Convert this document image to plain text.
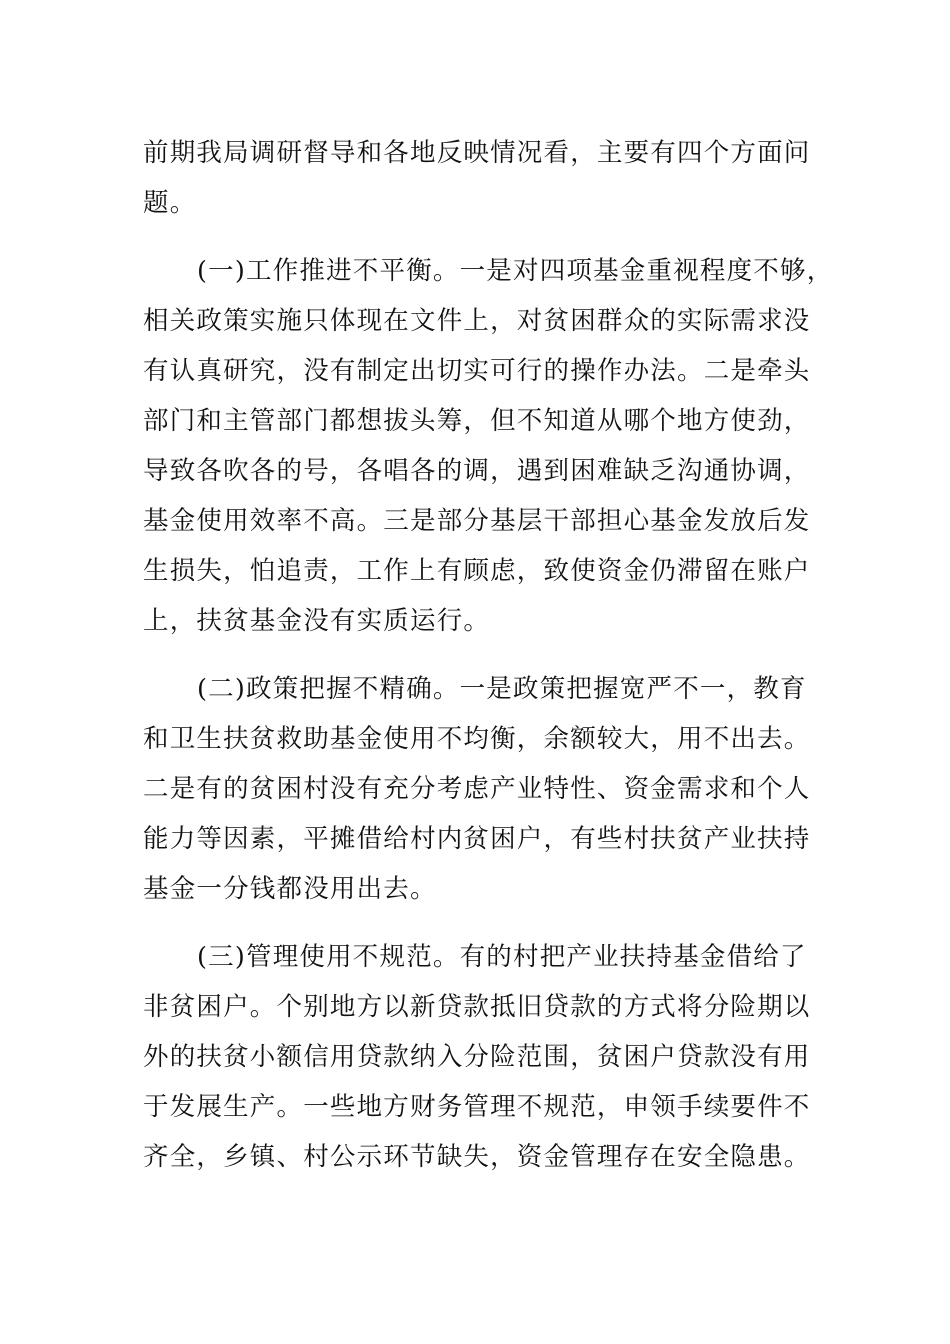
前期我局调研督导和各地反映情况看，主要有四个方面问
题。
(一)工作推进不平衡。一是对四项基金重视程度不够，
相关政策实施只体现在文件上，对贫困群众的实际需求没
有认真研究，没有制定出切实可行的操作办法。二是牵头
部门和主管部门都想拔头筹，但不知道从哪个地方使劲，
导致各吹各的号，各唱各的调，遇到困难缺乏沟通协调，
基金使用效率不高。三是部分基层干部担心基金发放后发
生损失，怕追责，工作上有顾虑，致使资金仍滞留在账户
上，扶贫基金没有实质运行。
(二)政策把握不精确。一是政策把握宽严不一，教育
和卫生扶贫救助基金使用不均衡，余额较大，用不出去。
二是有的贫困村没有充分考虑产业特性、资金需求和个人
能力等因素，平摊借给村内贫困户，有些村扶贫产业扶持
基金一分钱都没用出去。
(三)管理使用不规范。有的村把产业扶持基金借给了
非贫困户。个别地方以新贷款抵旧贷款的方式将分险期以
外的扶贫小额信用贷款纳入分险范围，贫困户贷款没有用
于发展生产。一些地方财务管理不规范，申领手续要件不
齐全，乡镇、村公示环节缺失，资金管理存在安全隐患。
